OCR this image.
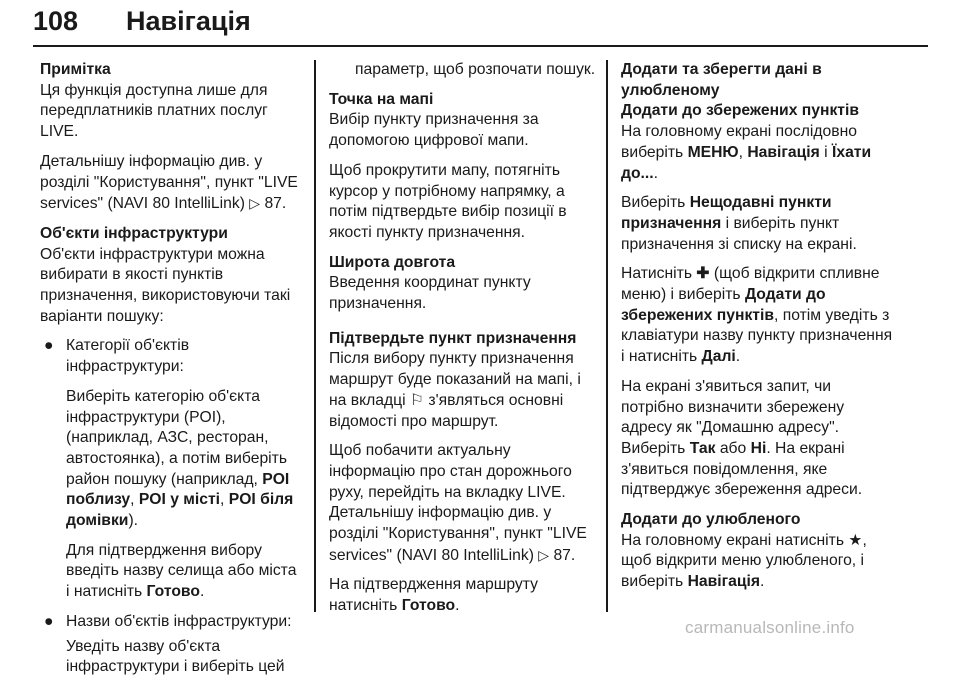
108 Навігація
Примітка

Ця функція доступна лише для передплатників платних послуг LIVE.

Детальнішу інформацію див. у розділі "Користування", пункт "LIVE services" (NAVI 80 IntelliLink) ▷ 87.

Об'єкти інфраструктури

Об'єкти інфраструктури можна вибирати в якості пунктів призначення, використовуючи такі варіанти пошуку:

● Категорії об'єктів інфраструктури:

Виберіть категорію об'єкта інфраструктури (POI), (наприклад, АЗС, ресторан, автостоянка), а потім виберіть район пошуку (наприклад, POI поблизу, POI у місті, POI біля домівки).

Для підтвердження вибору введіть назву селища або міста і натисніть Готово.

● Назви об'єктів інфраструктури:

Уведіть назву об'єкта інфраструктури і виберіть цей

параметр, щоб розпочати пошук.

Точка на мапі

Вибір пункту призначення за допомогою цифрової мапи.

Щоб прокрутити мапу, потягніть курсор у потрібному напрямку, а потім підтвердьте вибір позиції в якості пункту призначення.

Широта довгота

Введення координат пункту призначення.

Підтвердьте пункт призначення

Після вибору пункту призначення маршрут буде показаний на мапі, і на вкладці ⚐ з'являться основні відомості про маршрут.

Щоб побачити актуальну інформацію про стан дорожнього руху, перейдіть на вкладку LIVE. Детальнішу інформацію див. у розділі "Користування", пункт "LIVE services" (NAVI 80 IntelliLink) ▷ 87.

На підтвердження маршруту натисніть Готово.

Додати та зберегти дані в улюбленому
Додати до збережених пунктів

На головному екрані послідовно виберіть МЕНЮ, Навігація і Їхати до....

Виберіть Нещодавні пункти призначення і виберіть пункт призначення зі списку на екрані.

Натисніть ✚ (щоб відкрити спливне меню) і виберіть Додати до збережених пунктів, потім уведіть з клавіатури назву пункту призначення і натисніть Далі.

На екрані з'явиться запит, чи потрібно визначити збережену адресу як "Домашню адресу". Виберіть Так або Ні. На екрані з'явиться повідомлення, яке підтверджує збереження адреси.

Додати до улюбленого

На головному екрані натисніть ★, щоб відкрити меню улюбленого, і виберіть Навігація.

carmanualsonline.info
